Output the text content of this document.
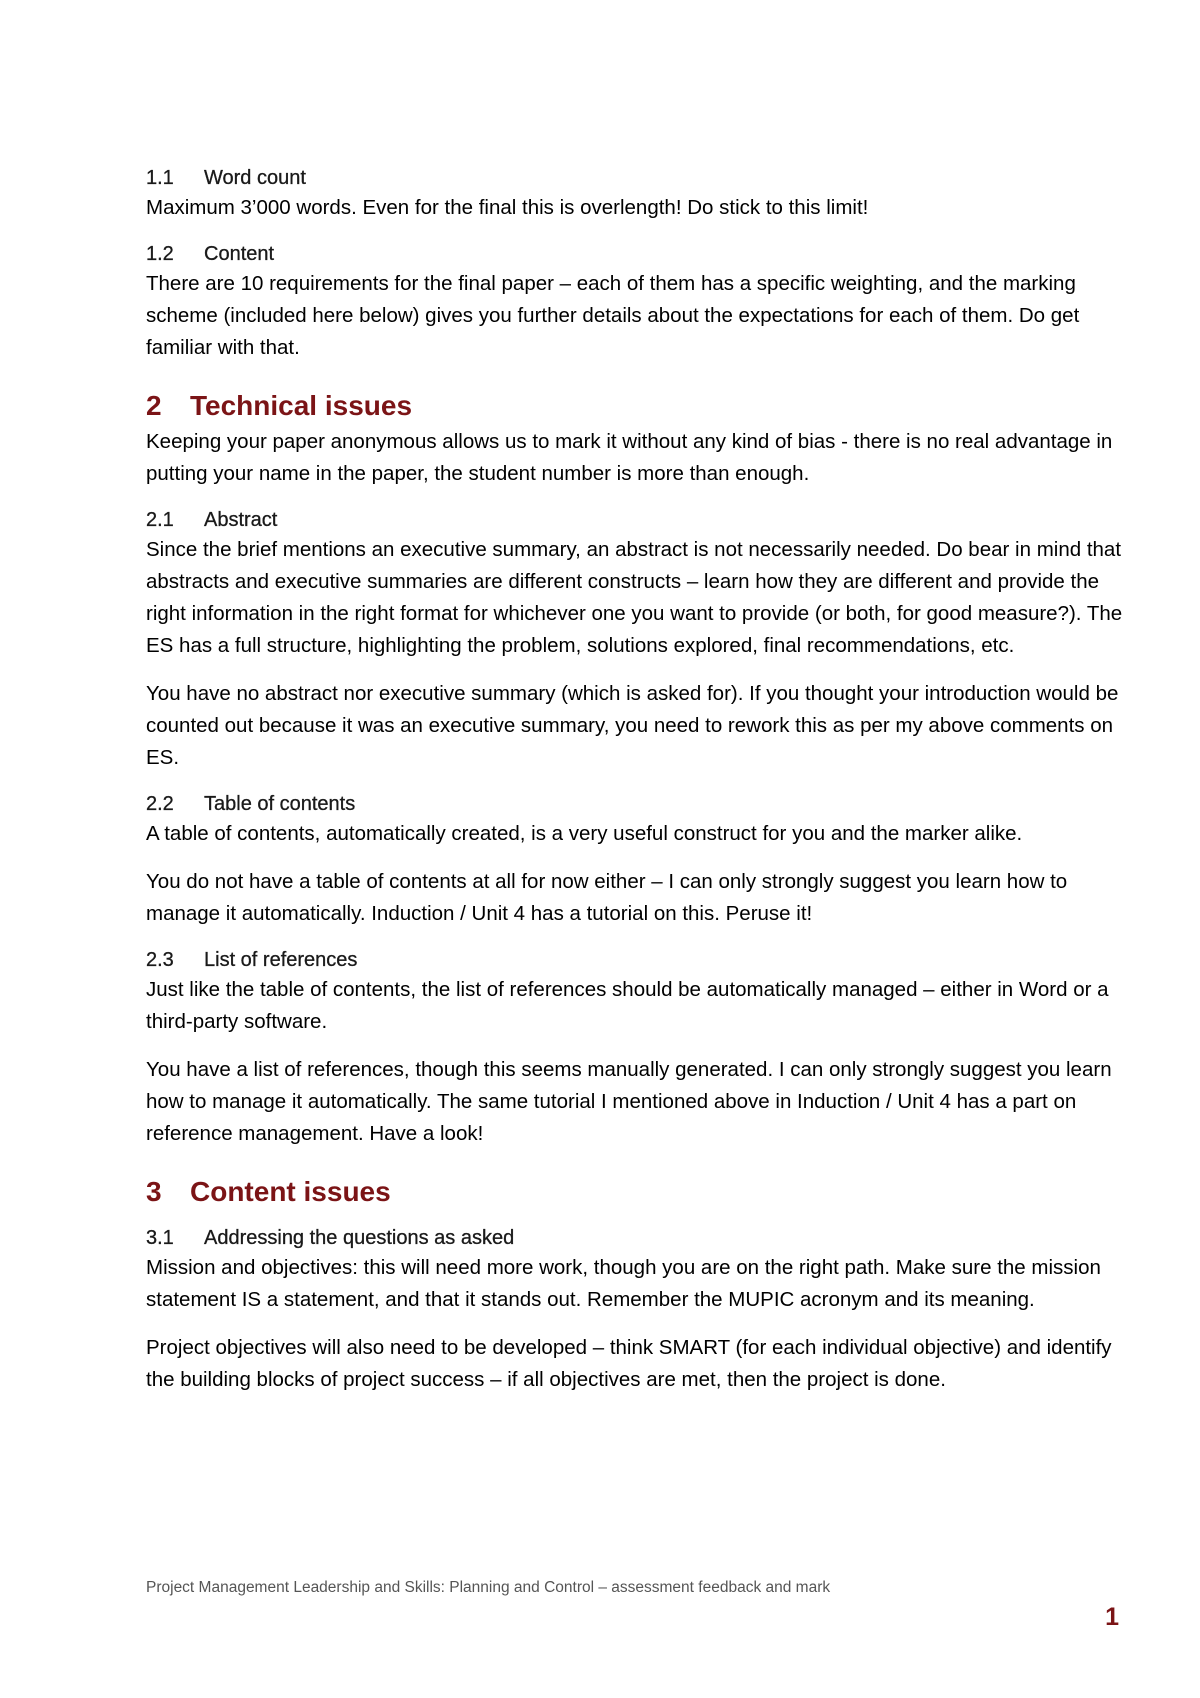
1.1 Word count

Maximum 3’000 words. Even for the final this is overlength! Do stick to this limit!

1.2 Content

There are 10 requirements for the final paper – each of them has a specific weighting, and the marking scheme (included here below) gives you further details about the expectations for each of them. Do get familiar with that.

2 Technical issues

Keeping your paper anonymous allows us to mark it without any kind of bias - there is no real advantage in putting your name in the paper, the student number is more than enough.

2.1 Abstract

Since the brief mentions an executive summary, an abstract is not necessarily needed. Do bear in mind that abstracts and executive summaries are different constructs – learn how they are different and provide the right information in the right format for whichever one you want to provide (or both, for good measure?). The ES has a full structure, highlighting the problem, solutions explored, final recommendations, etc.

You have no abstract nor executive summary (which is asked for). If you thought your introduction would be counted out because it was an executive summary, you need to rework this as per my above comments on ES.

2.2 Table of contents

A table of contents, automatically created, is a very useful construct for you and the marker alike.

You do not have a table of contents at all for now either – I can only strongly suggest you learn how to manage it automatically. Induction / Unit 4 has a tutorial on this. Peruse it!

2.3 List of references

Just like the table of contents, the list of references should be automatically managed – either in Word or a third-party software.

You have a list of references, though this seems manually generated. I can only strongly suggest you learn how to manage it automatically. The same tutorial I mentioned above in Induction / Unit 4 has a part on reference management. Have a look!

3 Content issues
3.1 Addressing the questions as asked

Mission and objectives: this will need more work, though you are on the right path. Make sure the mission statement IS a statement, and that it stands out. Remember the MUPIC acronym and its meaning.

Project objectives will also need to be developed – think SMART (for each individual objective) and identify the building blocks of project success – if all objectives are met, then the project is done.

Project Management Leadership and Skills: Planning and Control – assessment feedback and mark
1
